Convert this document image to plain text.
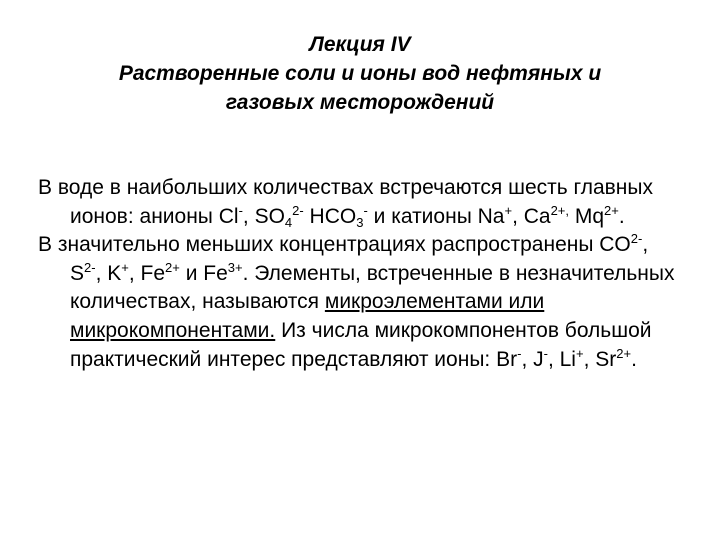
Лекция IV
Растворенные соли и ионы вод нефтяных и
газовых месторождений

В воде в наибольших количествах встречаются шесть главных ионов: анионы Cl-, $SO_4^{2-}$ $HCO_3^-$ и катионы Na+, $Ca^{2+,}$ $Mq^{2+}$.

В значительно меньших концентрациях распространены $CO^{2-}$, $S^{2-}$, K+, $Fe^{2+}$ и $Fe^{3+}$. Элементы, встреченные в незначительных количествах, называются микроэлементами или микрокомпонентами. Из числа микрокомпонентов большой практический интерес представляют ионы: Br-, J-, Li+, $Sr^{2+}$.
